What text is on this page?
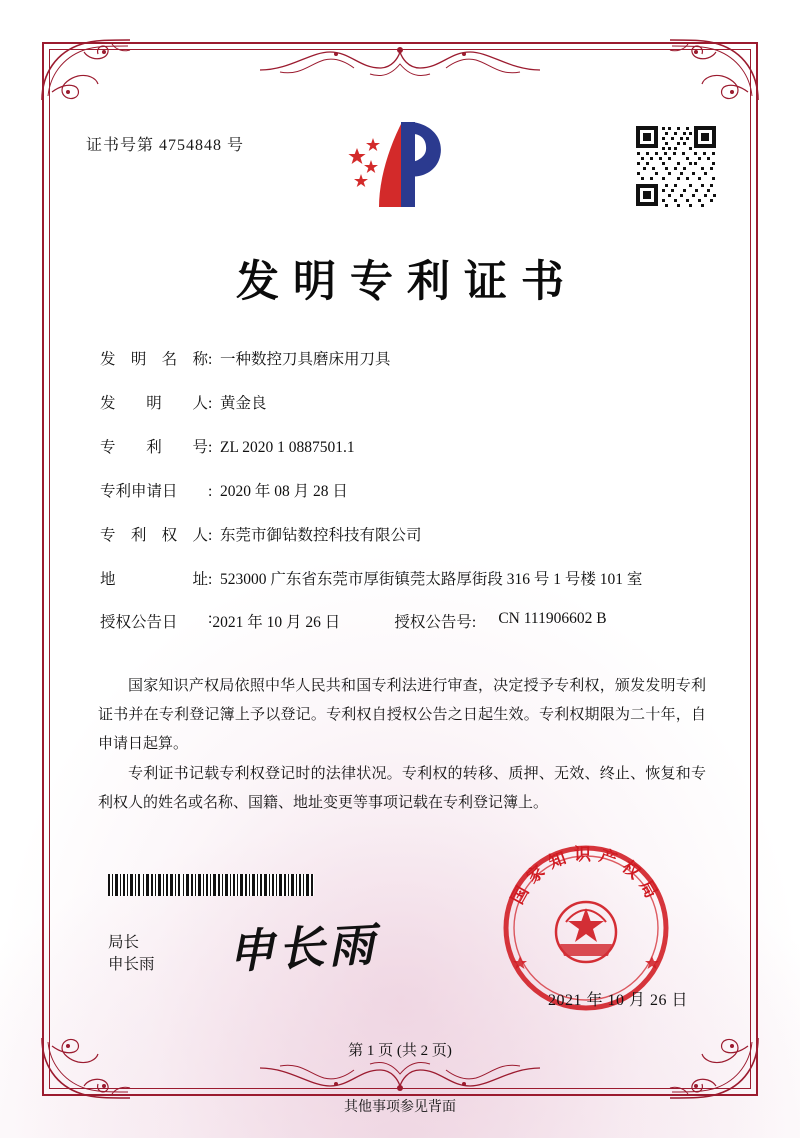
证书号第 4754848 号
发明专利证书
发 明 名 称 : 一种数控刀具磨床用刀具
发 明 人 : 黄金良
专 利 号 : ZL 2020 1 0887501.1
专利申请日 : 2020 年 08 月 28 日
专 利 权 人 : 东莞市御钻数控科技有限公司
地	址 : 523000 广东省东莞市厚街镇莞太路厚街段 316 号 1 号楼 101 室
授权公告日	: 2021 年 10 月 26 日	授权公告号:	CN 111906602 B

国家知识产权局依照中华人民共和国专利法进行审查，决定授予专利权，颁发发明专利证书并在专利登记簿上予以登记。专利权自授权公告之日起生效。专利权期限为二十年，自申请日起算。

专利证书记载专利权登记时的法律状况。专利权的转移、质押、无效、终止、恢复和专利权人的姓名或名称、国籍、地址变更等事项记载在专利登记簿上。

局长
申长雨 申长雨
国家知识产权局
2021 年 10 月 26 日
第 1 页 (共 2 页)
其他事项参见背面
